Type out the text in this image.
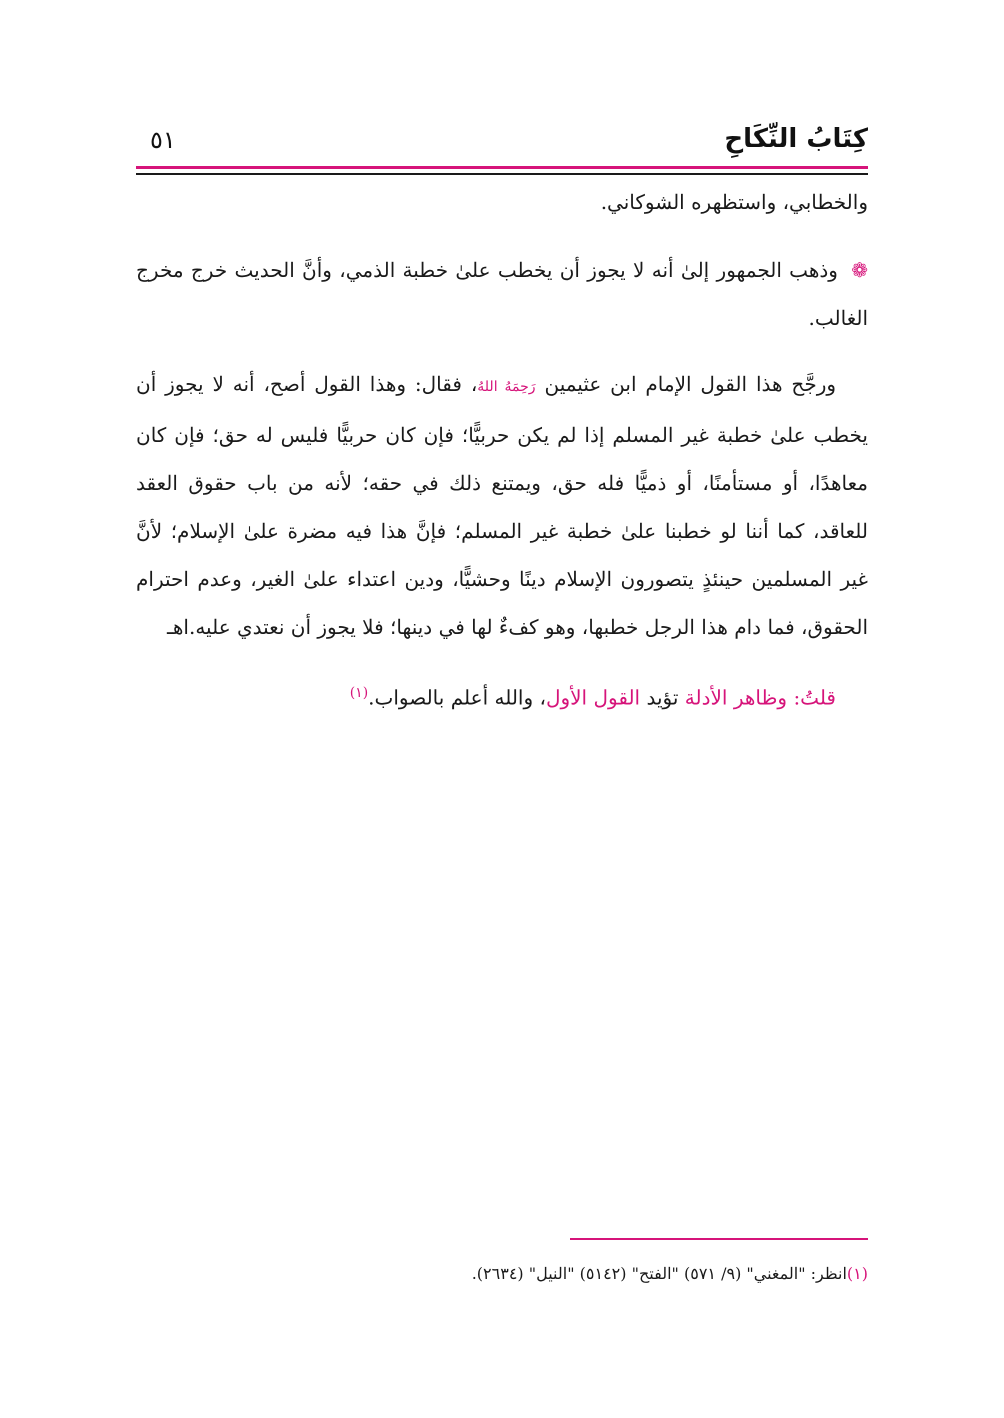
كِتَابُ النِّكَاحِ
٥١

والخطابي، واستظهره الشوكاني.

❁ وذهب الجمهور إلىٰ أنه لا يجوز أن يخطب علىٰ خطبة الذمي، وأنَّ الحديث خرج مخرج الغالب.

ورجَّح هذا القول الإمام ابن عثيمين رَحِمَهُ اللهُ، فقال: وهذا القول أصح، أنه لا يجوز أن يخطب علىٰ خطبة غير المسلم إذا لم يكن حربيًّا؛ فإن كان حربيًّا فليس له حق؛ فإن كان معاهدًا، أو مستأمنًا، أو ذميًّا فله حق، ويمتنع ذلك في حقه؛ لأنه من باب حقوق العقد للعاقد، كما أننا لو خطبنا علىٰ خطبة غير المسلم؛ فإنَّ هذا فيه مضرة علىٰ الإسلام؛ لأنَّ غير المسلمين حينئذٍ يتصورون الإسلام دينًا وحشيًّا، ودين اعتداء علىٰ الغير، وعدم احترام الحقوق، فما دام هذا الرجل خطبها، وهو كفءٌ لها في دينها؛ فلا يجوز أن نعتدي عليه.اهـ

قلتُ: وظاهر الأدلة تؤيد القول الأول، والله أعلم بالصواب.$^{(١)}$

(١)انظر: "المغني" (٩/ ٥٧١) "الفتح" (٥١٤٢) "النيل" (٢٦٣٤).
